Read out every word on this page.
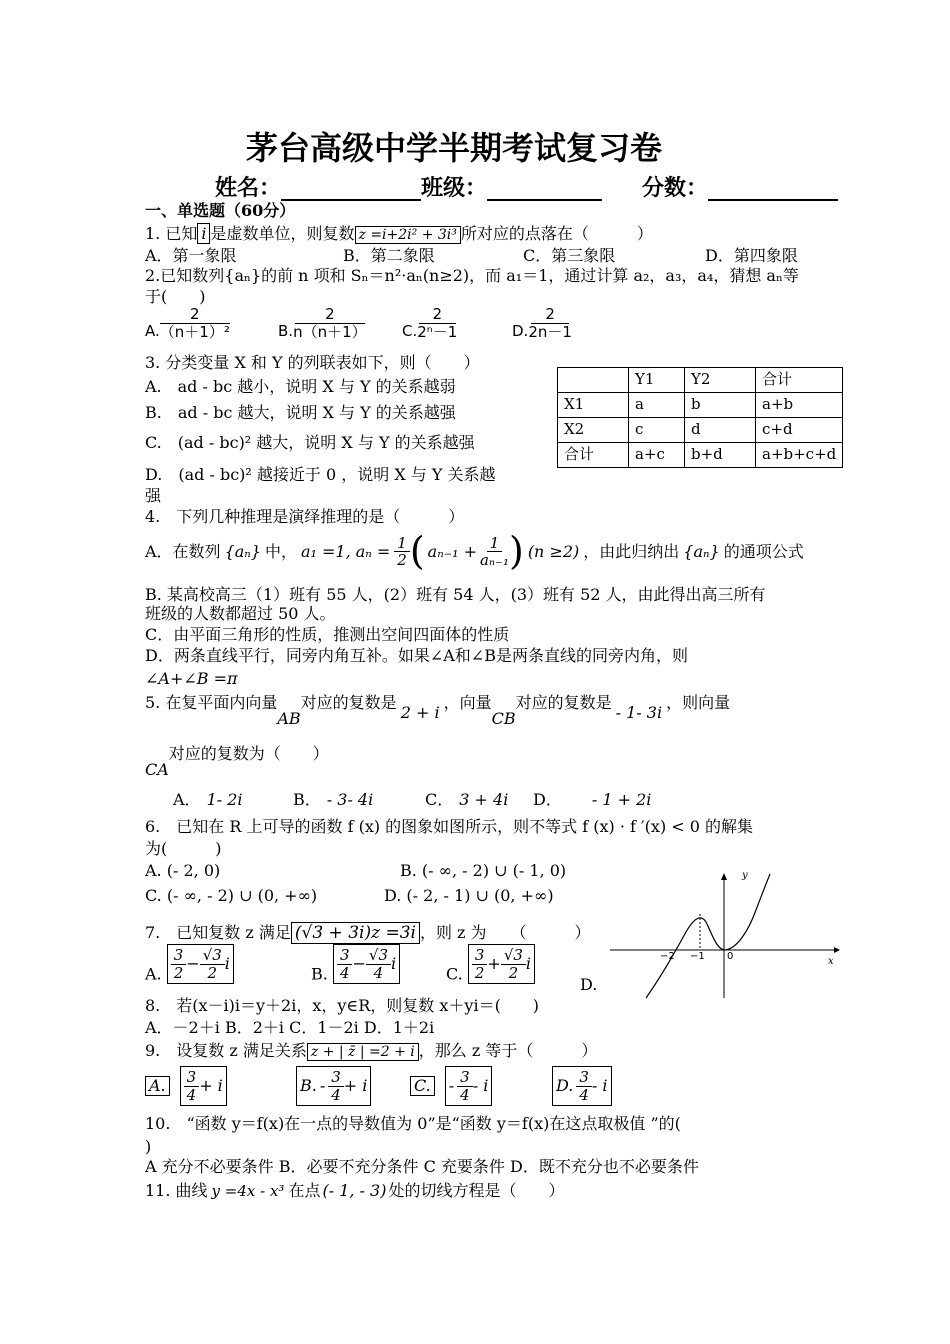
茅台高级中学半期考试复习卷
姓名：	班级：	分数：
一、单选题（60分）
1. 已知 i 是虚数单位，则复数 z =i+2i² + 3i³ 所对应的点落在（　　　）
A．第一象限	B．第二象限	C．第三象限	D．第四象限
2.已知数列{aₙ}的前 n 项和 Sₙ＝n²·aₙ(n≥2)，而 a₁＝1，通过计算 a₂，a₃，a₄，猜想 aₙ等
于(　　)
A. $\frac{2}{\text{（n＋1）²}}$	B. $\frac{2}{n(n+1)} C$. $\frac{2}{\text{2ⁿ－1}}$	D. $\frac{2}{2n-1}$
3. 分类变量 X 和 Y 的列联表如下，则（　　）
A.　ad - bc 越小，说明 X 与 Y 的关系越弱
B.　ad - bc 越大，说明 X 与 Y 的关系越强
C.　(ad - bc)² 越大，说明 X 与 Y 的关系越强
D.　(ad - bc)² 越接近于 0 ，说明 X 与 Y 关系越
强
	Y1	Y2	合计
X1	a	b	a+b
X2	c	d	c+d
合计	a+c	b+d	a+b+c+d
4.　下列几种推理是演绎推理的是（　　　）
A．在数列 {aₙ} 中， a₁ =1, $a_n = \frac{1}{2}$ ( $a_{n-1} + \frac{1}{\text{aₙ₋₁}}$ ) (n ≥2) ，由此归纳出 {aₙ} 的通项公式
B. 某高校高三（1）班有 55 人，(2）班有 54 人，(3）班有 52 人，由此得出高三所有
班级的人数都超过 50 人。
C．由平面三角形的性质，推测出空间四面体的性质
D．两条直线平行，同旁内角互补。如果∠A和∠B是两条直线的同旁内角，则
∠A+∠B =π
5. 在复平面内向量AB对应的复数是2 + i，向量CB对应的复数是- 1- 3i，则向量
CA对应的复数为（　　）
A． 1- 2i	B． - 3- 4i	C． 3 + 4i D． - 1 + 2i
6.　已知在 R 上可导的函数 f (x) 的图象如图所示，则不等式 f (x) · f ′(x) < 0 的解集
为(　　　)
A. (- 2, 0)	B. (- ∞, - 2) ∪ (- 1, 0)
C. (- ∞, - 2) ∪ (0, +∞)	D. (- 2, - 1) ∪ (0, +∞)
y
x
−2 −1 0
7.　已知复数 z 满足 (√3 + 3i)z =3i ，则 z 为　　（　　　）
A. $\frac{3}{2} - \frac{√3}{2}$ i
B. $\frac{3}{4} - \frac{√3}{4}$ i
C. $\frac{3}{2} + \frac{√3}{2}$ i
D.
8.　若(x－i)i＝y＋2i，x，y∈R，则复数 x＋yi＝(　　)
A．－2＋i B．2＋i C．1－2i D．1＋2i
9.　设复数 z 满足关系 z + | z̄ | =2 + i ，那么 z 等于（　　　）
A. $\frac{3}{4} + i$	B. - $\frac{3}{4} + i$	C. - $\frac{3}{4}$ - i	D. $\frac{3}{4}$ - i
10.　“函数 y＝f(x)在一点的导数值为 0”是“函数 y＝f(x)在这点取极值 ”的(
)
A 充分不必要条件 B．必要不充分条件 C 充要条件 D．既不充分也不必要条件
11. 曲线 y =4x - x³ 在点 (- 1, - 3) 处的切线方程是（　　）
